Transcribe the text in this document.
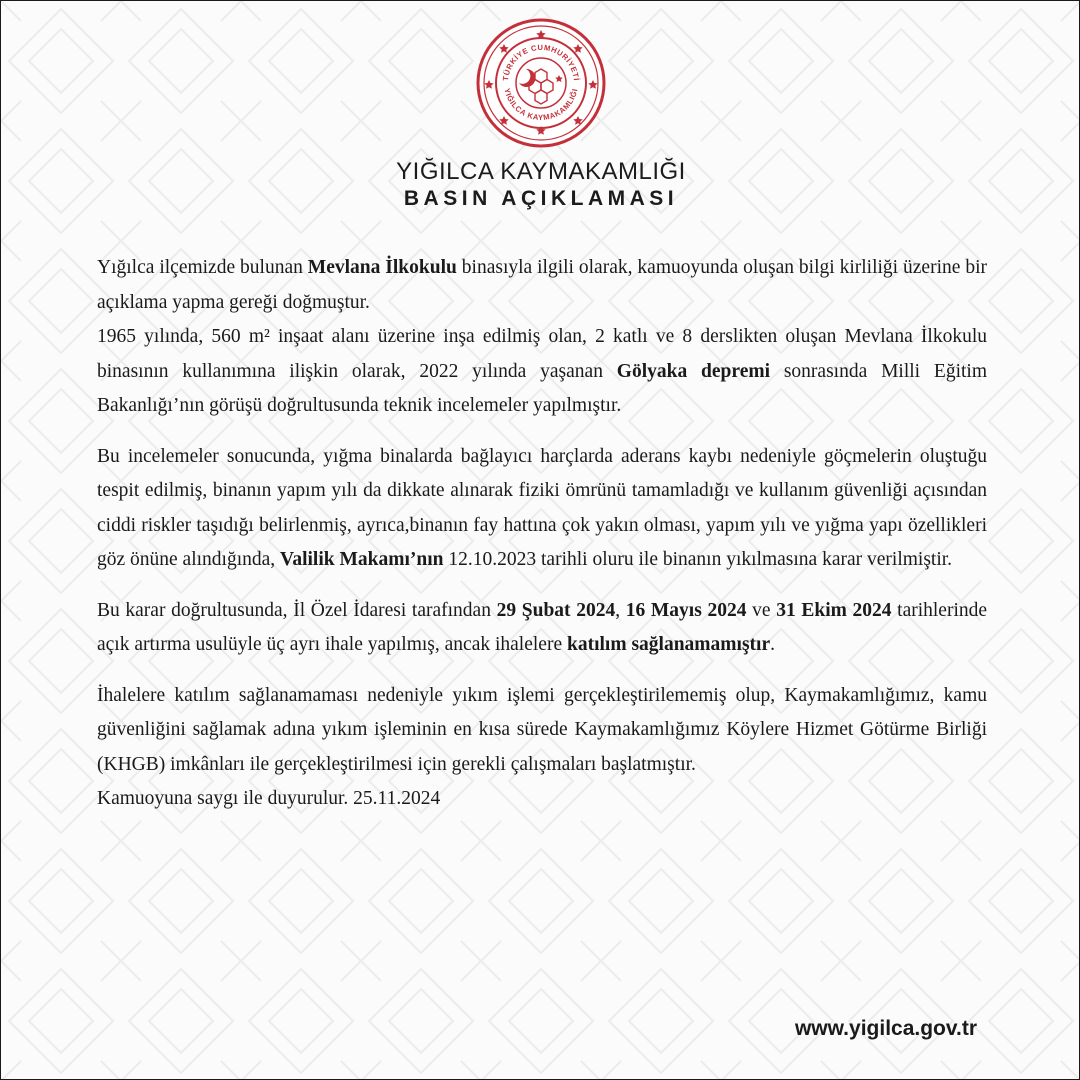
TÜRKİYE CUMHURİYETİ
YIĞILCA KAYMAKAMLIĞI
YIĞILCA KAYMAKAMLIĞI
BASIN AÇIKLAMASI

Yığılca ilçemizde bulunan Mevlana İlkokulu binasıyla ilgili olarak, kamuoyunda oluşan bilgi kirliliği üzerine bir açıklama yapma gereği doğmuştur.

1965 yılında, 560 m² inşaat alanı üzerine inşa edilmiş olan, 2 katlı ve 8 derslikten oluşan Mevlana İlkokulu binasının kullanımına ilişkin olarak, 2022 yılında yaşanan Gölyaka depremi sonrasında Milli Eğitim Bakanlığı’nın görüşü doğrultusunda teknik incelemeler yapılmıştır.

Bu incelemeler sonucunda, yığma binalarda bağlayıcı harçlarda aderans kaybı nedeniyle göçmelerin oluştuğu tespit edilmiş, binanın yapım yılı da dikkate alınarak fiziki ömrünü tamamladığı ve kullanım güvenliği açısından ciddi riskler taşıdığı belirlenmiş, ayrıca,binanın fay hattına çok yakın olması, yapım yılı ve yığma yapı özellikleri göz önüne alındığında, Valilik Makamı’nın 12.10.2023 tarihli oluru ile binanın yıkılmasına karar verilmiştir.

Bu karar doğrultusunda, İl Özel İdaresi tarafından 29 Şubat 2024, 16 Mayıs 2024 ve 31 Ekim 2024 tarihlerinde açık artırma usulüyle üç ayrı ihale yapılmış, ancak ihalelere katılım sağlanamamıştır.

İhalelere katılım sağlanamaması nedeniyle yıkım işlemi gerçekleştirilememiş olup, Kaymakamlığımız, kamu güvenliğini sağlamak adına yıkım işleminin en kısa sürede Kaymakamlığımız Köylere Hizmet Götürme Birliği (KHGB) imkânları ile gerçekleştirilmesi için gerekli çalışmaları başlatmıştır.

Kamuoyuna saygı ile duyurulur. 25.11.2024

www.yigilca.gov.tr
